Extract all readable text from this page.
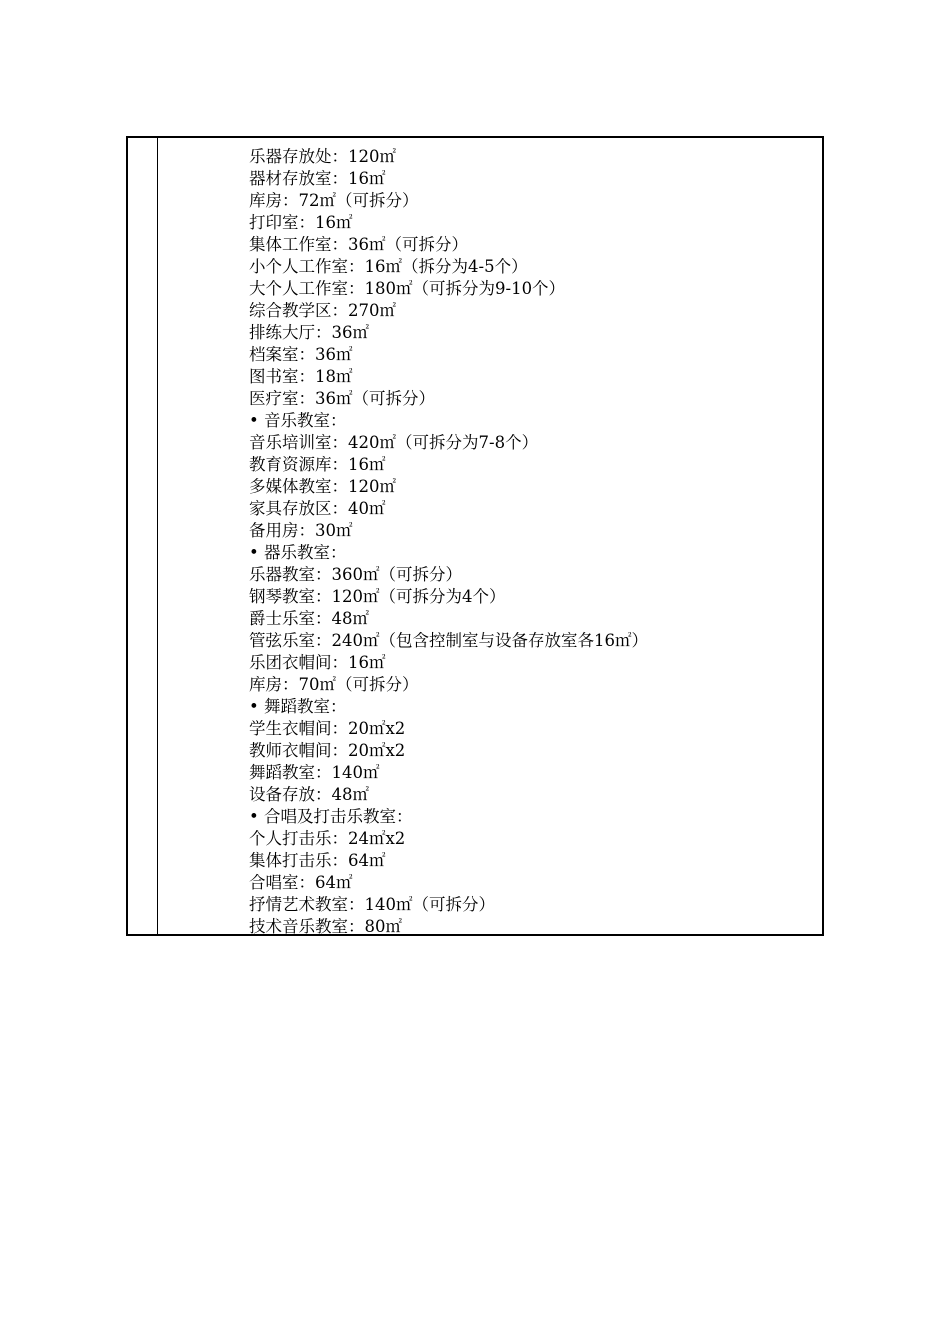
乐器存放处：120㎡
器材存放室：16㎡
库房：72㎡（可拆分）
打印室：16㎡
集体工作室：36㎡（可拆分）
小个人工作室：16㎡（拆分为4-5个）
大个人工作室：180㎡（可拆分为9-10个）
综合教学区：270㎡
排练大厅：36㎡
档案室：36㎡
图书室：18㎡
医疗室：36㎡（可拆分）
• 音乐教室：
音乐培训室：420㎡（可拆分为7-8个）
教育资源库：16㎡
多媒体教室：120㎡
家具存放区：40㎡
备用房：30㎡
• 器乐教室：
乐器教室：360㎡（可拆分）
钢琴教室：120㎡（可拆分为4个）
爵士乐室：48㎡
管弦乐室：240㎡（包含控制室与设备存放室各16㎡）
乐团衣帽间：16㎡
库房：70㎡（可拆分）
• 舞蹈教室：
学生衣帽间：20㎡x2
教师衣帽间：20㎡x2
舞蹈教室：140㎡
设备存放：48㎡
• 合唱及打击乐教室：
个人打击乐：24㎡x2
集体打击乐：64㎡
合唱室：64㎡
抒情艺术教室：140㎡（可拆分）
技术音乐教室：80㎡
